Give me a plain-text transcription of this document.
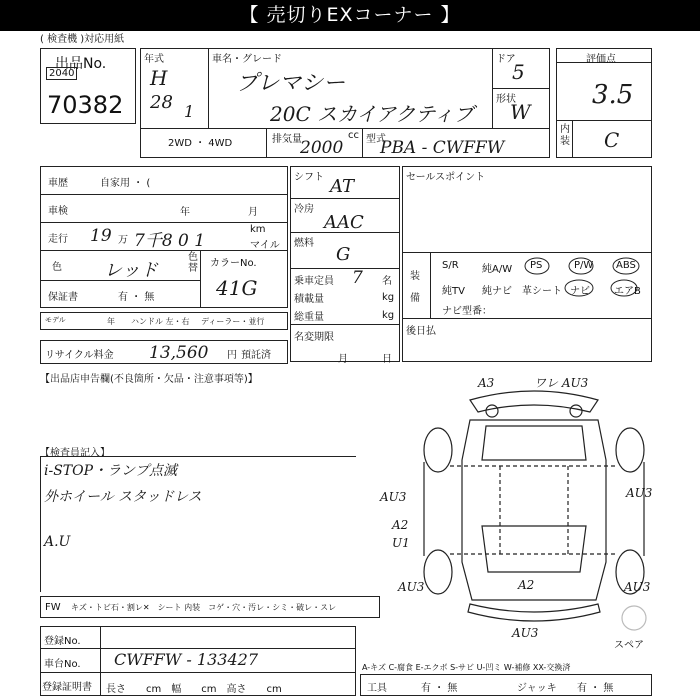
【 売切りEXコーナー 】
( 検査機 )対応用紙
出品No.
2040
70382
年式
H
28 1
車名・グレード
プレマシー
20C スカイアクティブ
ドア
5
形状
W
2WD ・ 4WD	排気量
2000
cc 型式
PBA - CWFFW
評価点
3.5
内装 C
車歴	自家用 ・ (
車検	年	月
走行 19 万 7千8 0 1
km
マイル
色 レッド
色替 カラーNo.
41G
保証書	有 ・ 無
モデル	年 ハンドル 左・右 ディーラー・並行
リサイクル料金 13,560 円 預託済
シフト AT
冷房
AAC
燃料
G
乗車定員 7 名
積載量	kg
総重量	kg
名変期限
月	日
セールスポイント
装備
S/R 純A/W PS	P/W ABS
純TV 純ナビ 革シート ナビ エアB
ナビ型番：
後日払
【出品店申告欄(不良箇所・欠品・注意事項等)】
【検査員記入】
i-STOP・ランプ点滅
外ホイール スタッドレス
A.U
A3	ワレ AU3
AU3	AU3
A2
U1
AU3	A2	AU3
AU3
スペア
FW キズ・トビ石・割レ✕　シート 内装　コゲ・穴・汚レ・シミ・破レ・スレ
登録No.
車台No. CWFFW - 133427
登録証明書 長さ　　cm　幅　　cm　高さ　　cm
A-キズ C-腐食 E-エクボ S-サビ U-凹ミ W-補修 XX-交換済
工具	有 ・ 無	ジャッキ 有 ・ 無
